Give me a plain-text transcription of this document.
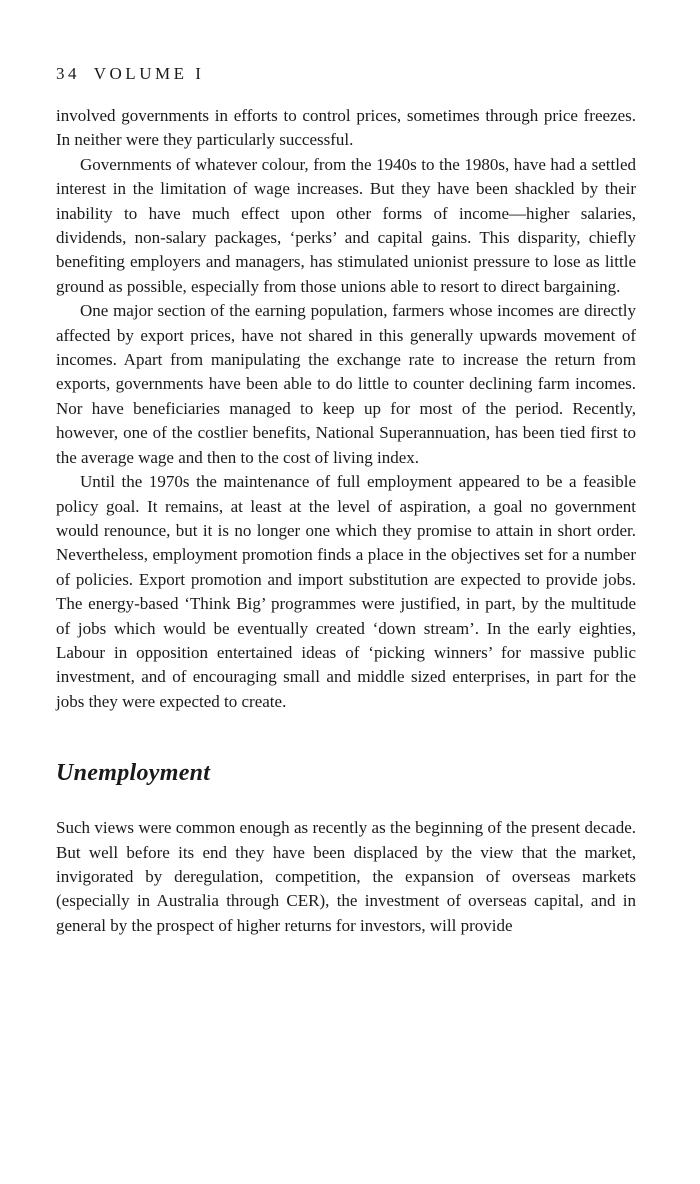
34 VOLUME I

involved governments in efforts to control prices, sometimes through price freezes. In neither were they particularly successful.

Governments of whatever colour, from the 1940s to the 1980s, have had a settled interest in the limitation of wage increases. But they have been shackled by their inability to have much effect upon other forms of income—higher salaries, dividends, non-salary packages, ‘perks’ and capital gains. This disparity, chiefly benefiting employers and managers, has stimulated unionist pressure to lose as little ground as possible, especially from those unions able to resort to direct bargaining.

One major section of the earning population, farmers whose incomes are directly affected by export prices, have not shared in this generally upwards movement of incomes. Apart from manipulating the exchange rate to increase the return from exports, governments have been able to do little to counter declining farm incomes. Nor have beneficiaries managed to keep up for most of the period. Recently, however, one of the costlier benefits, National Superannuation, has been tied first to the average wage and then to the cost of living index.

Until the 1970s the maintenance of full employment appeared to be a feasible policy goal. It remains, at least at the level of aspiration, a goal no government would renounce, but it is no longer one which they promise to attain in short order. Nevertheless, employment promotion finds a place in the objectives set for a number of policies. Export promotion and import substitution are expected to provide jobs. The energy-based ‘Think Big’ programmes were justified, in part, by the multitude of jobs which would be eventually created ‘down stream’. In the early eighties, Labour in opposition entertained ideas of ‘picking winners’ for massive public investment, and of encouraging small and middle sized enterprises, in part for the jobs they were expected to create.

Unemployment

Such views were common enough as recently as the beginning of the present decade. But well before its end they have been displaced by the view that the market, invigorated by deregulation, competition, the expansion of overseas markets (especially in Australia through CER), the investment of overseas capital, and in general by the prospect of higher returns for investors, will provide
